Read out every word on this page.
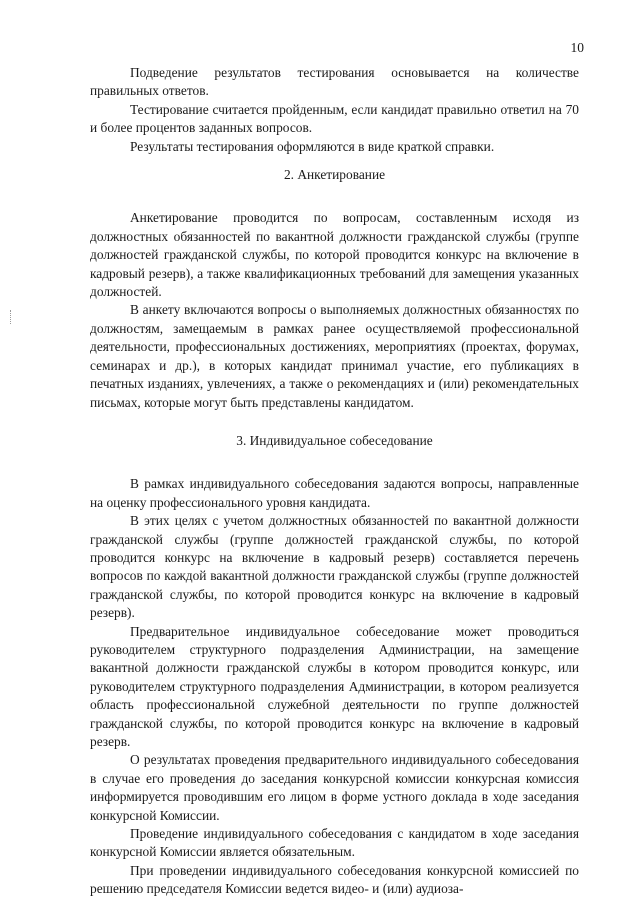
10

Подведение результатов тестирования основывается на количестве правильных ответов.

Тестирование считается пройденным, если кандидат правильно ответил на 70 и более процентов заданных вопросов.

Результаты тестирования оформляются в виде краткой справки.

2. Анкетирование

Анкетирование проводится по вопросам, составленным исходя из должностных обязанностей по вакантной должности гражданской службы (группе должностей гражданской службы, по которой проводится конкурс на включение в кадровый резерв), а также квалификационных требований для замещения указанных должностей.

В анкету включаются вопросы о выполняемых должностных обязанностях по должностям, замещаемым в рамках ранее осуществляемой профессиональной деятельности, профессиональных достижениях, мероприятиях (проектах, форумах, семинарах и др.), в которых кандидат принимал участие, его публикациях в печатных изданиях, увлечениях, а также о рекомендациях и (или) рекомендательных письмах, которые могут быть представлены кандидатом.

3. Индивидуальное собеседование

В рамках индивидуального собеседования задаются вопросы, направленные на оценку профессионального уровня кандидата.

В этих целях с учетом должностных обязанностей по вакантной должности гражданской службы (группе должностей гражданской службы, по которой проводится конкурс на включение в кадровый резерв) составляется перечень вопросов по каждой вакантной должности гражданской службы (группе должностей гражданской службы, по которой проводится конкурс на включение в кадровый резерв).

Предварительное индивидуальное собеседование может проводиться руководителем структурного подразделения Администрации, на замещение вакантной должности гражданской службы в котором проводится конкурс, или руководителем структурного подразделения Администрации, в котором реализуется область профессиональной служебной деятельности по группе должностей гражданской службы, по которой проводится конкурс на включение в кадровый резерв.

О результатах проведения предварительного индивидуального собеседования в случае его проведения до заседания конкурсной комиссии конкурсная комиссия информируется проводившим его лицом в форме устного доклада в ходе заседания конкурсной Комиссии.

Проведение индивидуального собеседования с кандидатом в ходе заседания конкурсной Комиссии является обязательным.

При проведении индивидуального собеседования конкурсной комиссией по решению председателя Комиссии ведется видео- и (или) аудиоза-
